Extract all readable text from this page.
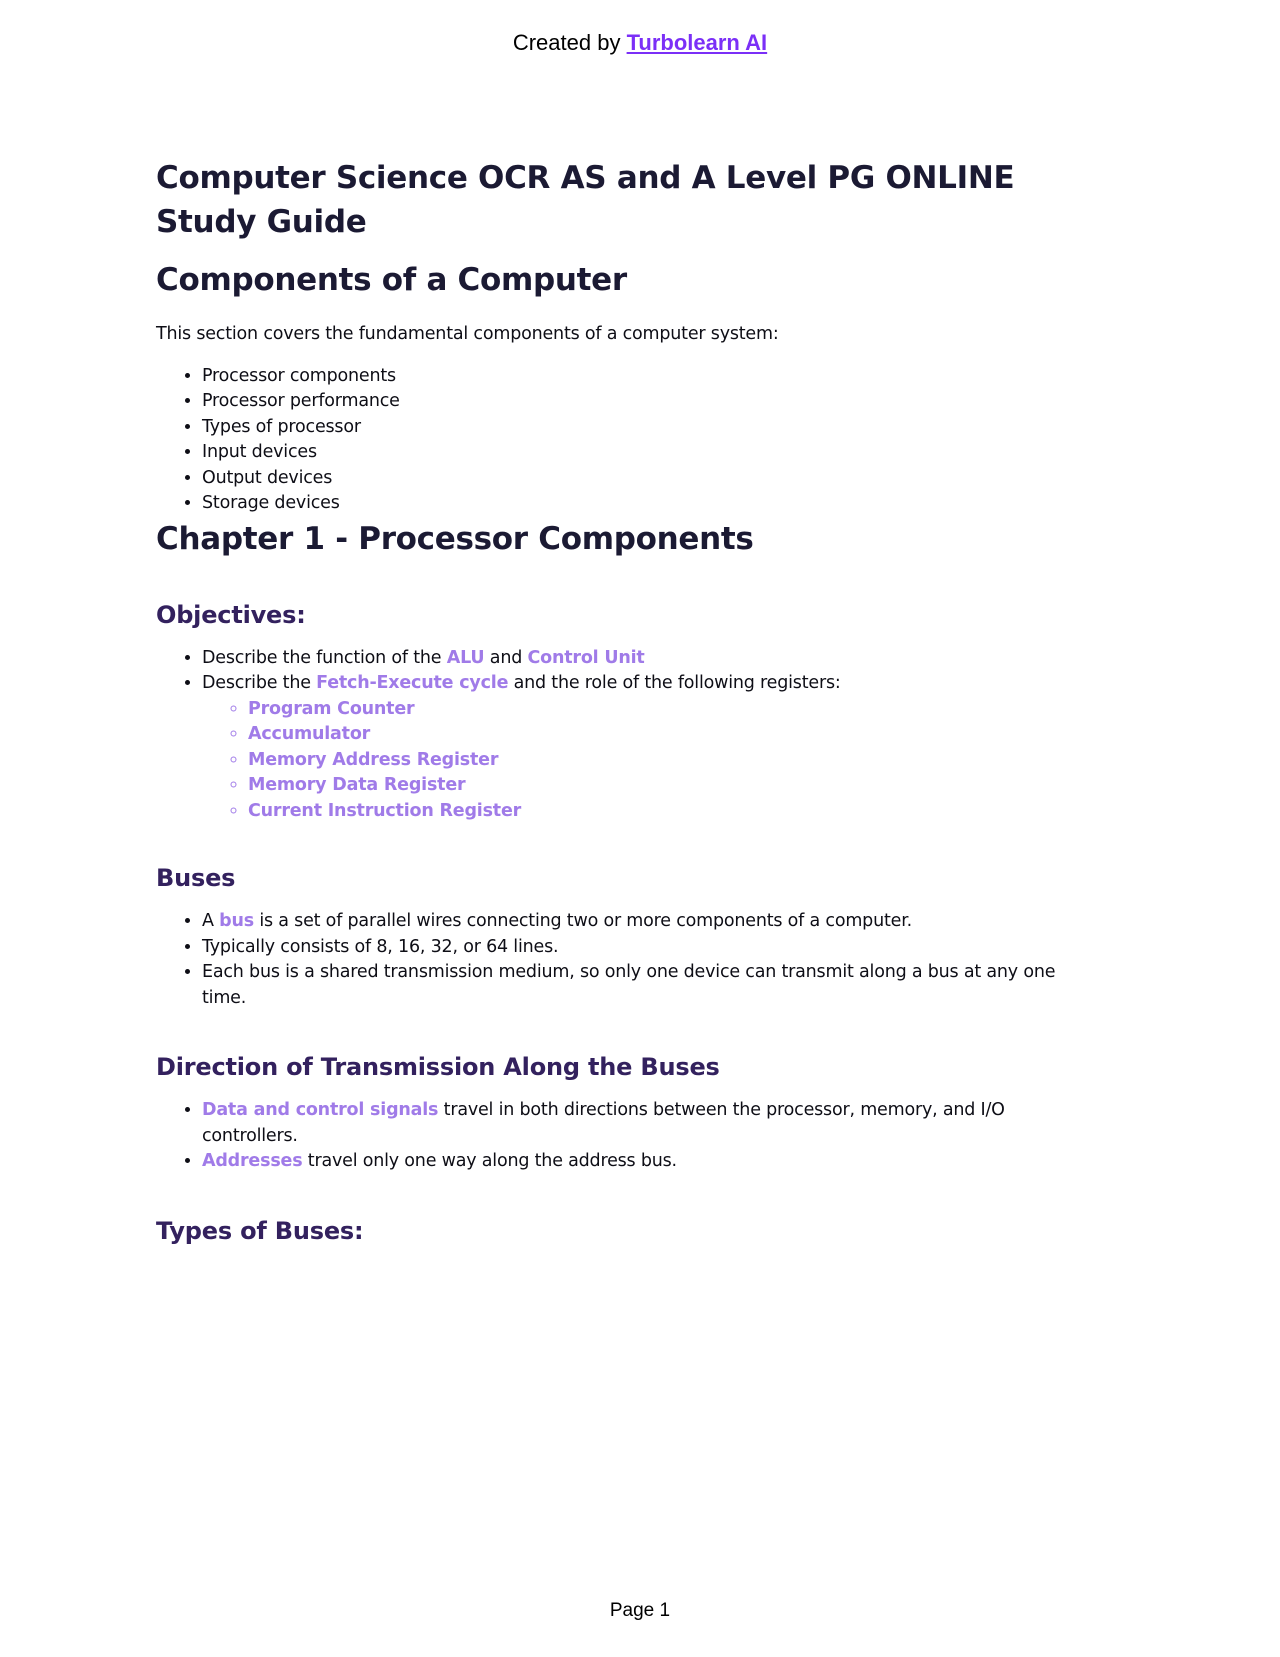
Created by Turbolearn AI
Computer Science OCR AS and A Level PG ONLINE Study Guide
Components of a Computer

This section covers the fundamental components of a computer system:

• Processor components
• Processor performance
• Types of processor
• Input devices
• Output devices
• Storage devices
Chapter 1 - Processor Components
Objectives:
• Describe the function of the ALU and Control Unit
• Describe the Fetch-Execute cycle and the role of the following registers:
◦ Program Counter
◦ Accumulator
◦ Memory Address Register
◦ Memory Data Register
◦ Current Instruction Register
Buses
• A bus is a set of parallel wires connecting two or more components of a computer.
• Typically consists of 8, 16, 32, or 64 lines.
• Each bus is a shared transmission medium, so only one device can transmit along a bus at any one time.
Direction of Transmission Along the Buses
• Data and control signals travel in both directions between the processor, memory, and I/O controllers.
• Addresses travel only one way along the address bus.
Types of Buses:
Page 1
